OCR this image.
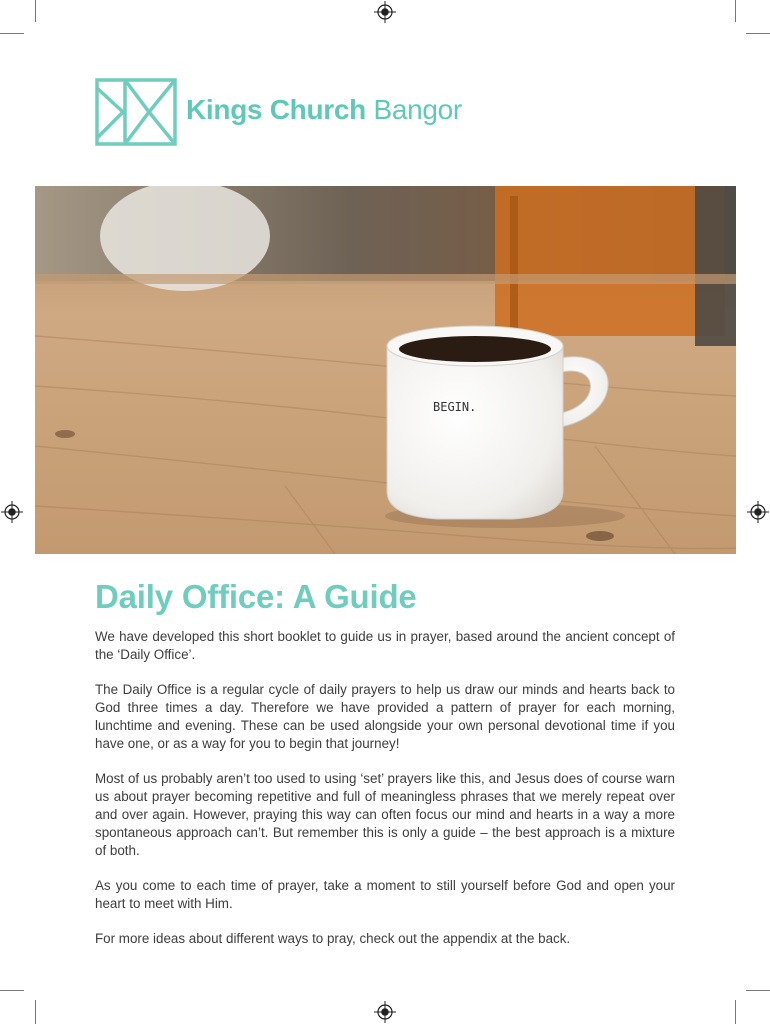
Kings Church Bangor
BEGIN.
Daily Office: A Guide

We have developed this short booklet to guide us in prayer, based around the ancient concept of the ‘Daily Office’.

The Daily Office is a regular cycle of daily prayers to help us draw our minds and hearts back to God three times a day. Therefore we have provided a pattern of prayer for each morning, lunchtime and evening. These can be used alongside your own personal devotional time if you have one, or as a way for you to begin that journey!

Most of us probably aren’t too used to using ‘set’ prayers like this, and Jesus does of course warn us about prayer becoming repetitive and full of meaningless phrases that we merely repeat over and over again. However, praying this way can often focus our mind and hearts in a way a more spontaneous approach can’t. But remember this is only a guide – the best approach is a mixture of both.

As you come to each time of prayer, take a moment to still yourself before God and open your heart to meet with Him.

For more ideas about different ways to pray, check out the appendix at the back.
